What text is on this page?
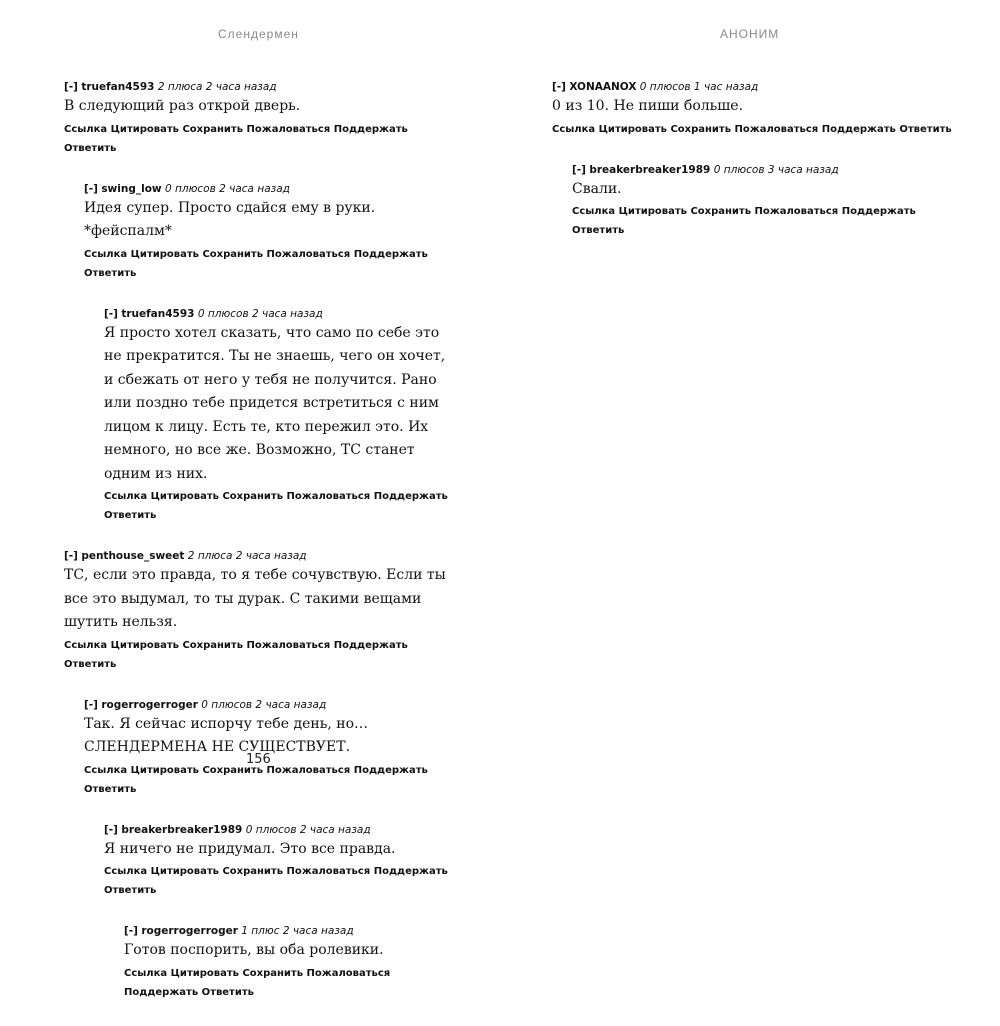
Слендермен	АНОНИМ
[-] truefan4593 2 плюса 2 часа назад
В следующий раз открой дверь.
Ссылка Цитировать Сохранить Пожаловаться Поддержать Ответить
[-] swing_low 0 плюсов 2 часа назад
Идея супер. Просто сдайся ему в руки. *фейспалм*
Ссылка Цитировать Сохранить Пожаловаться Поддержать Ответить
[-] truefan4593 0 плюсов 2 часа назад
Я просто хотел сказать, что само по себе это не прекратится. Ты не знаешь, чего он хочет, и сбежать от него у тебя не получится. Рано или поздно тебе придется встретиться с ним лицом к лицу. Есть те, кто пережил это. Их немного, но все же. Возможно, ТС станет одним из них.
Ссылка Цитировать Сохранить Пожаловаться Поддержать Ответить
[-] penthouse_sweet 2 плюса 2 часа назад
ТС, если это правда, то я тебе сочувствую. Если ты все это выдумал, то ты дурак. С такими вещами шутить нельзя.
Ссылка Цитировать Сохранить Пожаловаться Поддержать Ответить
[-] rogerrogerroger 0 плюсов 2 часа назад
Так. Я сейчас испорчу тебе день, но… СЛЕНДЕРМЕНА НЕ СУЩЕСТВУЕТ.
Ссылка Цитировать Сохранить Пожаловаться Поддержать Ответить
[-] breakerbreaker1989 0 плюсов 2 часа назад
Я ничего не придумал. Это все правда.
Ссылка Цитировать Сохранить Пожаловаться Поддержать Ответить
[-] rogerrogerroger 1 плюс 2 часа назад
Готов поспорить, вы оба ролевики.
Ссылка Цитировать Сохранить Пожаловаться Поддержать Ответить
[-] XONAANOX 0 плюсов 1 час назад
0 из 10. Не пиши больше.
Ссылка Цитировать Сохранить Пожаловаться Поддержать Ответить
[-] breakerbreaker1989 0 плюсов 3 часа назад
Свали.
Ссылка Цитировать Сохранить Пожаловаться Поддержать Ответить
156
